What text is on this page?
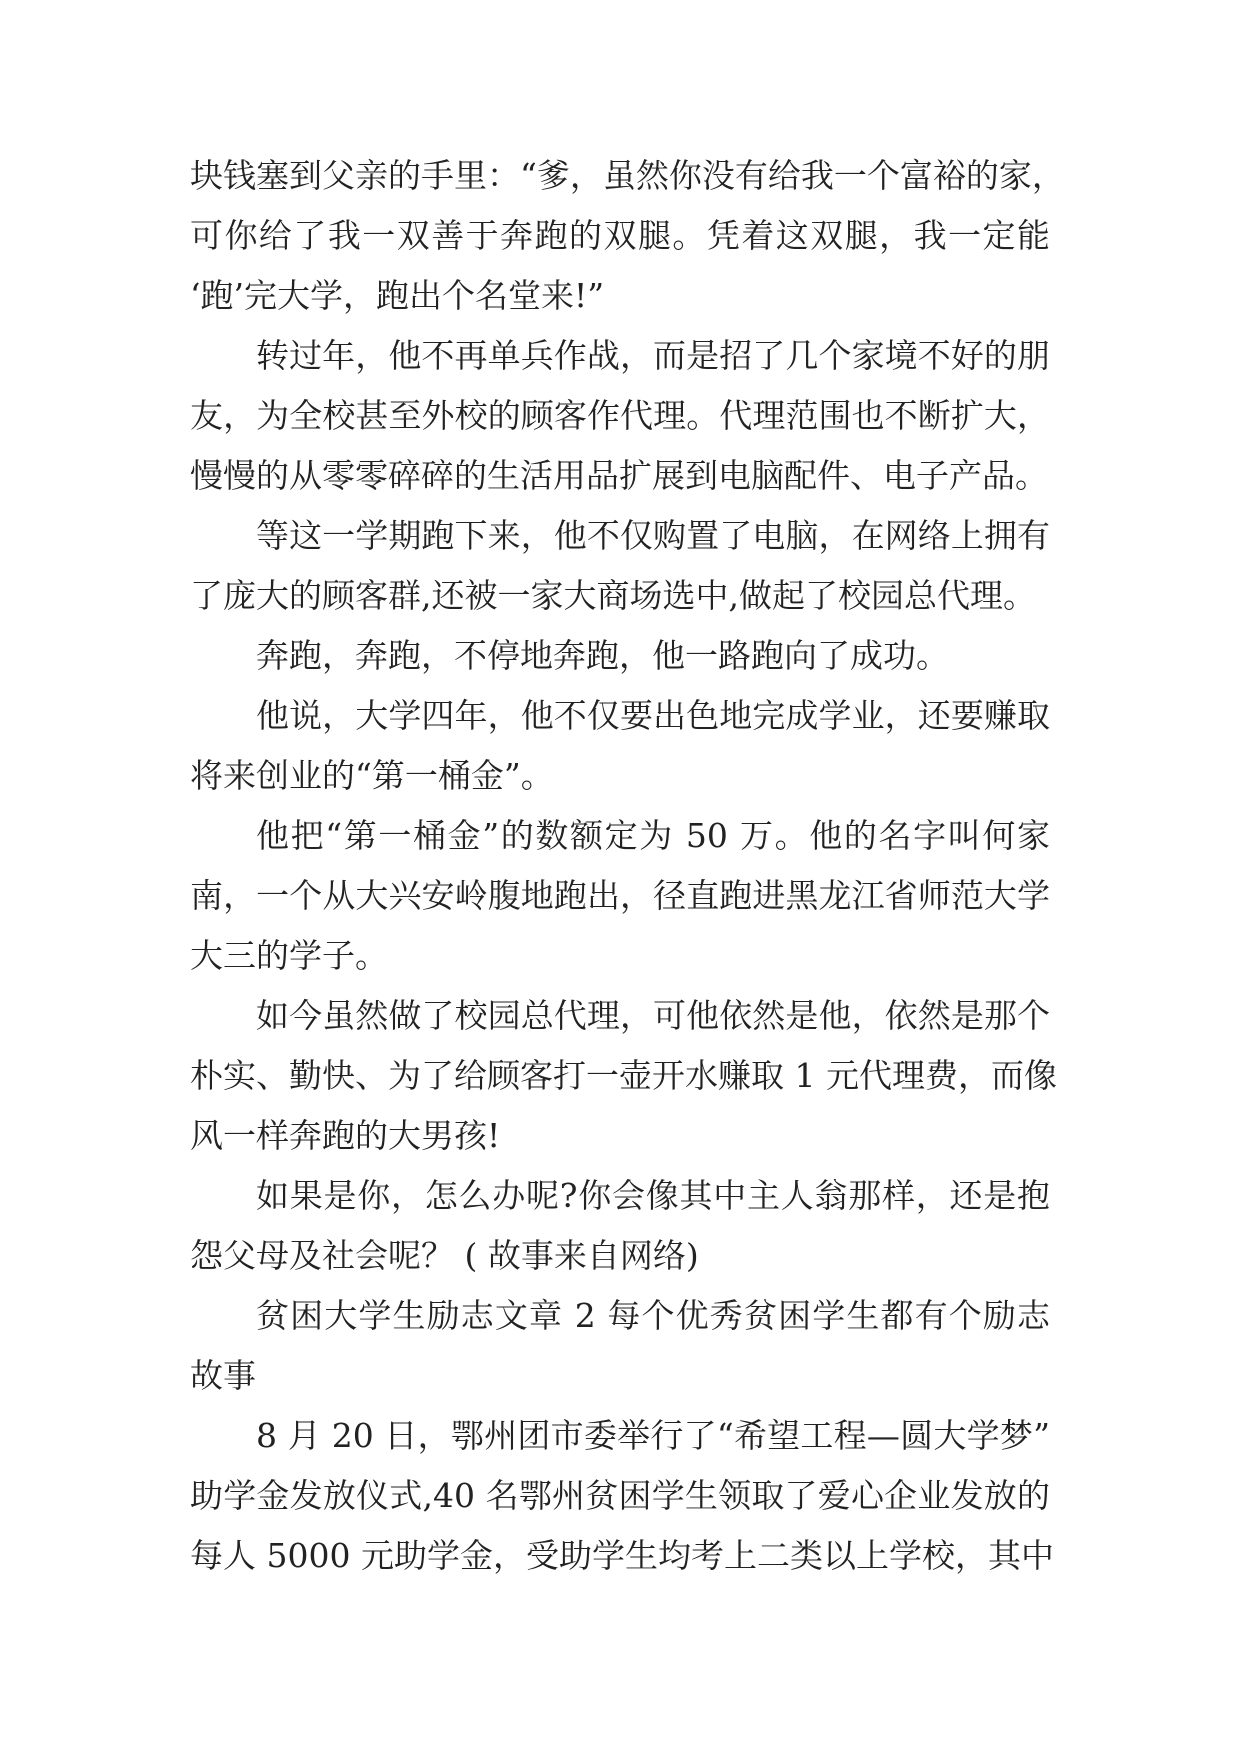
块钱塞到父亲的手里：“爹，虽然你没有给我一个富裕的家，
可你给了我一双善于奔跑的双腿。凭着这双腿，我一定能
‘跑’完大学，跑出个名堂来!”
转过年，他不再单兵作战，而是招了几个家境不好的朋
友，为全校甚至外校的顾客作代理。代理范围也不断扩大，
慢慢的从零零碎碎的生活用品扩展到电脑配件、电子产品。
等这一学期跑下来，他不仅购置了电脑，在网络上拥有
了庞大的顾客群,还被一家大商场选中,做起了校园总代理。
奔跑，奔跑，不停地奔跑，他一路跑向了成功。
他说，大学四年，他不仅要出色地完成学业，还要赚取
将来创业的“第一桶金”。
他把“第一桶金”的数额定为 50 万。他的名字叫何家
南，一个从大兴安岭腹地跑出，径直跑进黑龙江省师范大学
大三的学子。
如今虽然做了校园总代理，可他依然是他，依然是那个
朴实、勤快、为了给顾客打一壶开水赚取 1 元代理费，而像
风一样奔跑的大男孩!
如果是你，怎么办呢?你会像其中主人翁那样，还是抱
怨父母及社会呢？ ( 故事来自网络)
贫困大学生励志文章 2 每个优秀贫困学生都有个励志
故事
8 月 20 日，鄂州团市委举行了“希望工程—圆大学梦”
助学金发放仪式,40 名鄂州贫困学生领取了爱心企业发放的
每人 5000 元助学金，受助学生均考上二类以上学校，其中
